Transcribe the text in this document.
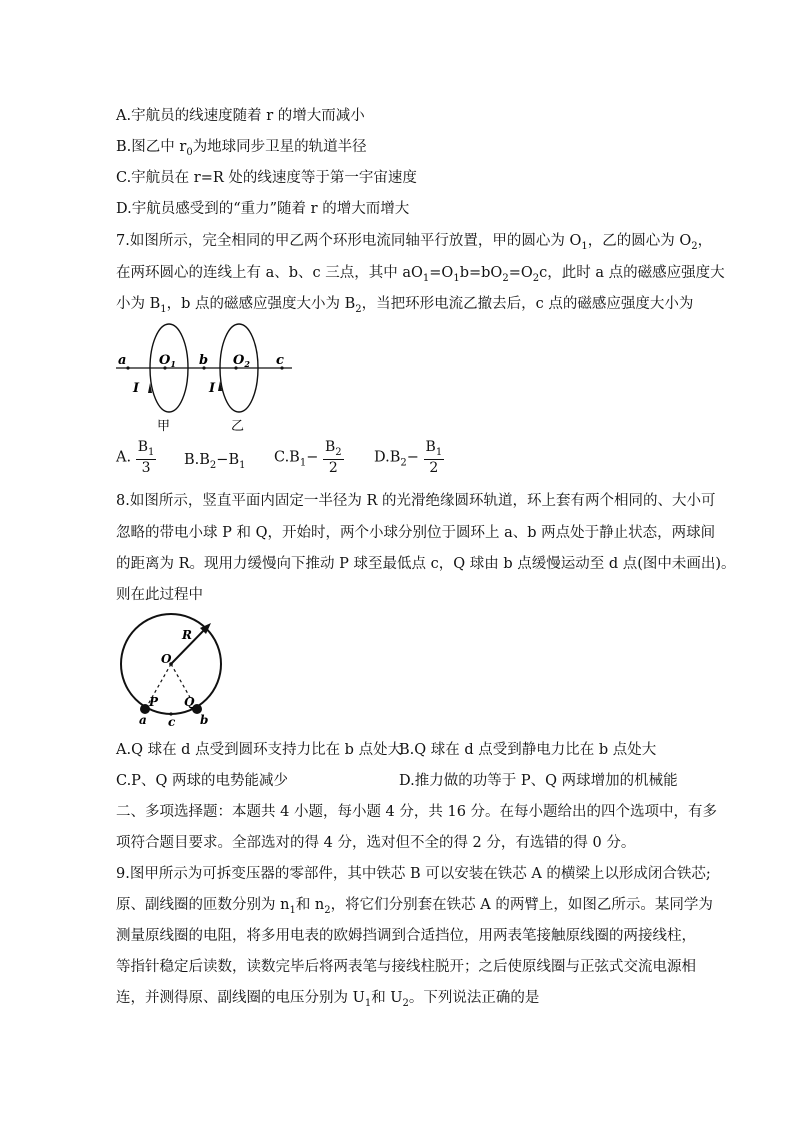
A.宇航员的线速度随着 r 的增大而减小
B.图乙中 $r_0$为地球同步卫星的轨道半径
C.宇航员在 r=R 处的线速度等于第一宇宙速度
D.宇航员感受到的“重力”随着 r 的增大而增大
7.如图所示，完全相同的甲乙两个环形电流同轴平行放置，甲的圆心为 $O_1$，乙的圆心为 $O_2$，
在两环圆心的连线上有 a、b、c 三点，其中 $aO_1=O_1b=bO_2=O_2c$，此时 a 点的磁感应强度大
小为 $B_1$，b 点的磁感应强度大小为 $B_2$，当把环形电流乙撤去后，c 点的磁感应强度大小为
a	$O_1$ b $O_2$ c
I	I
甲	乙
A. $\frac{B_1}{3} B.B_2-B_1$ $C.B_1- \frac{B_2}{2} D.B_2- \frac{B_1}{2}$
8.如图所示，竖直平面内固定一半径为 R 的光滑绝缘圆环轨道，环上套有两个相同的、大小可
忽略的带电小球 P 和 Q，开始时，两个小球分别位于圆环上 a、b 两点处于静止状态，两球间
的距离为 R。现用力缓慢向下推动 P 球至最低点 c，Q 球由 b 点缓慢运动至 d 点(图中未画出)。
则在此过程中
R
O
P Q
a c b
A.Q 球在 d 点受到圆环支持力比在 b 点处大
B.Q 球在 d 点受到静电力比在 b 点处大
C.P、Q 两球的电势能减少	D.推力做的功等于 P、Q 两球增加的机械能
二、多项选择题：本题共 4 小题，每小题 4 分，共 16 分。在每小题给出的四个选项中，有多
项符合题目要求。全部选对的得 4 分，选对但不全的得 2 分，有选错的得 0 分。
9.图甲所示为可拆变压器的零部件，其中铁芯 B 可以安装在铁芯 A 的横梁上以形成闭合铁芯;
原、副线圈的匝数分别为 $n_1$和 $n_2$，将它们分别套在铁芯 A 的两臂上，如图乙所示。某同学为
测量原线圈的电阻，将多用电表的欧姆挡调到合适挡位，用两表笔接触原线圈的两接线柱，
等指针稳定后读数，读数完毕后将两表笔与接线柱脱开；之后使原线圈与正弦式交流电源相
连，并测得原、副线圈的电压分别为 $U_1$和 $U_2$。下列说法正确的是
